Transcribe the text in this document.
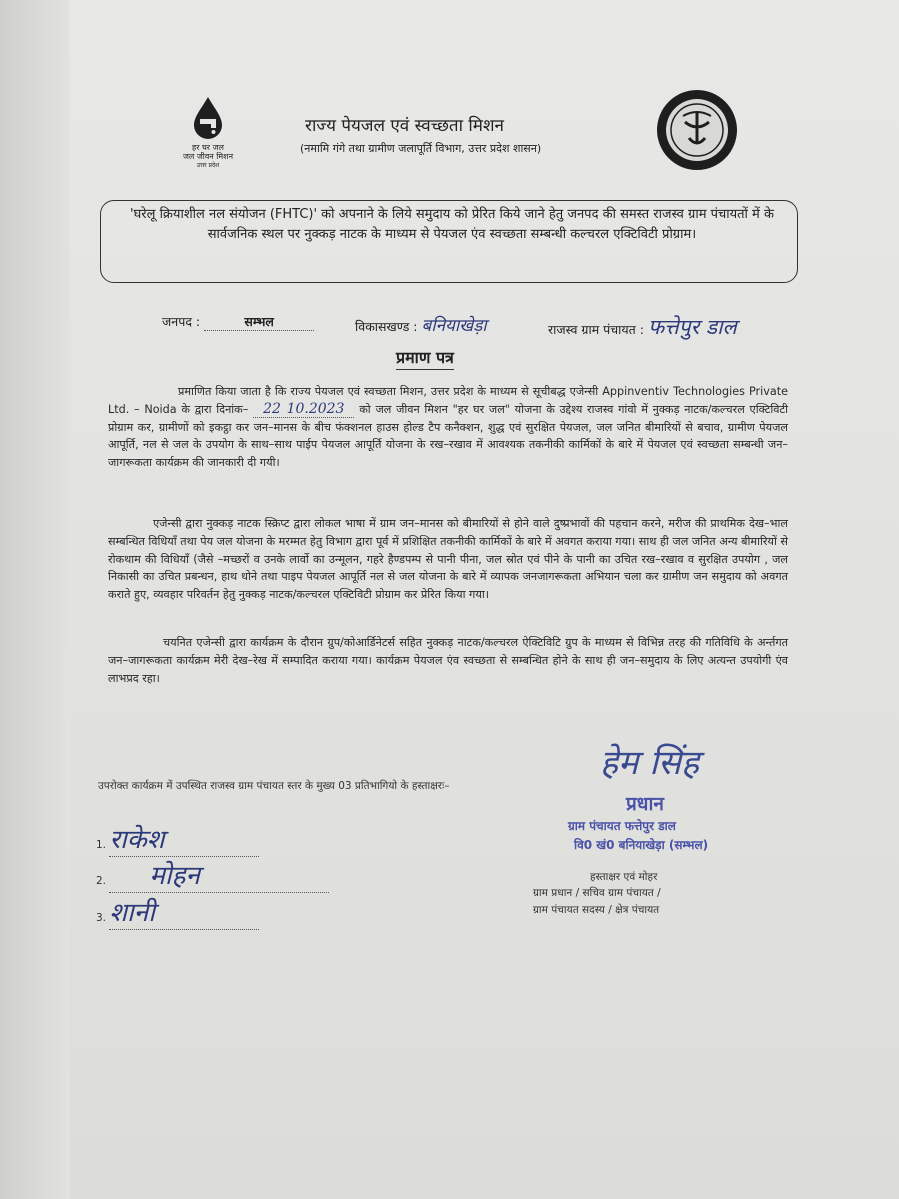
हर घर जल
जल जीवन मिशन
उत्तर प्रदेश
राज्य पेयजल एवं स्वच्छता मिशन
(नमामि गंगे तथा ग्रामीण जलापूर्ति विभाग, उत्तर प्रदेश शासन)
'घरेलू क्रियाशील नल संयोजन (FHTC)' को अपनाने के लिये समुदाय को प्रेरित किये जाने हेतु जनपद की समस्त राजस्व ग्राम पंचायतों में के सार्वजनिक स्थल पर नुक्कड़ नाटक के माध्यम से पेयजल एंव स्वच्छता सम्बन्धी कल्चरल एक्टिविटी प्रोग्राम।
जनपद :	सम्भल	विकासखण्ड : बनियाखेड़ा	राजस्व ग्राम पंचायत : फत्तेपुर डाल
प्रमाण पत्र
प्रमाणित किया जाता है कि राज्य पेयजल एवं स्वच्छता मिशन, उत्तर प्रदेश के माध्यम से सूचीबद्ध एजेन्सी Appinventiv Technologies Private Ltd. – Noida के द्वारा दिनांक– 22 10.2023 को जल जीवन मिशन "हर घर जल" योजना के उद्देश्य राजस्व गांवो में नुक्कड़ नाटक/कल्चरल एक्टिविटी प्रोग्राम कर, ग्रामीणों को इकट्ठा कर जन–मानस के बीच फंक्शनल हाउस होल्ड टैप कनैक्शन, शुद्ध एवं सुरक्षित पेयजल, जल जनित बीमारियों से बचाव, ग्रामीण पेयजल आपूर्ति, नल से जल के उपयोग के साथ–साथ पाईप पेयजल आपूर्ति योजना के रख–रखाव में आवश्यक तकनीकी कार्मिकों के बारे में पेयजल एवं स्वच्छता सम्बन्धी जन–जागरूकता कार्यक्रम की जानकारी दी गयी।
एजेन्सी द्वारा नुक्कड़ नाटक स्क्रिप्ट द्वारा लोकल भाषा में ग्राम जन–मानस को बीमारियों से होने वाले दुष्प्रभावों की पहचान करने, मरीज की प्राथमिक देख–भाल सम्बन्धित विधियाँ तथा पेय जल योजना के मरम्मत हेतु विभाग द्वारा पूर्व में प्रशिक्षित तकनीकी कार्मिकों के बारे में अवगत कराया गया। साथ ही जल जनित अन्य बीमारियों से रोकथाम की विधियाँ (जैसे –मच्छरों व उनके लार्वो का उन्मूलन, गहरे हैण्डपम्प से पानी पीना, जल स्रोत एवं पीने के पानी का उचित रख–रखाव व सुरक्षित उपयोग , जल निकासी का उचित प्रबन्धन, हाथ धोने तथा पाइप पेयजल आपूर्ति नल से जल योजना के बारे में व्यापक जनजागरूकता अभियान चला कर ग्रामीण जन समुदाय को अवगत कराते हुए, व्यवहार परिवर्तन हेतु नुक्कड़ नाटक/कल्चरल एक्टिविटी प्रोग्राम कर प्रेरित किया गया।
चयनित एजेन्सी द्वारा कार्यक्रम के दौरान ग्रुप/कोआर्डिनेटर्स सहित नुक्कड़ नाटक/कल्चरल ऐक्टिविटि ग्रुप के माध्यम से विभिन्न तरह की गतिविधि के अर्न्तगत जन–जागरूकता कार्यक्रम मेरी देख–रेख में सम्पादित कराया गया। कार्यक्रम पेयजल एंव स्वच्छता से सम्बन्धित होने के साथ ही जन–समुदाय के लिए अत्यन्त उपयोगी एंव लाभप्रद रहा।
उपरोक्त कार्यक्रम में उपस्थित राजस्व ग्राम पंचायत स्तर के मुख्य 03 प्रतिभागियो के हस्ताक्षरः–
1. राकेश
2. मोहन
3. शानी
हेम सिंह
प्रधान
ग्राम पंचायत फत्तेपुर डाल
वि0 खं0 बनियाखेड़ा (सम्भल)
हस्ताक्षर एवं मोहर
ग्राम प्रधान / सचिव ग्राम पंचायत /
ग्राम पंचायत सदस्य / क्षेत्र पंचायत
